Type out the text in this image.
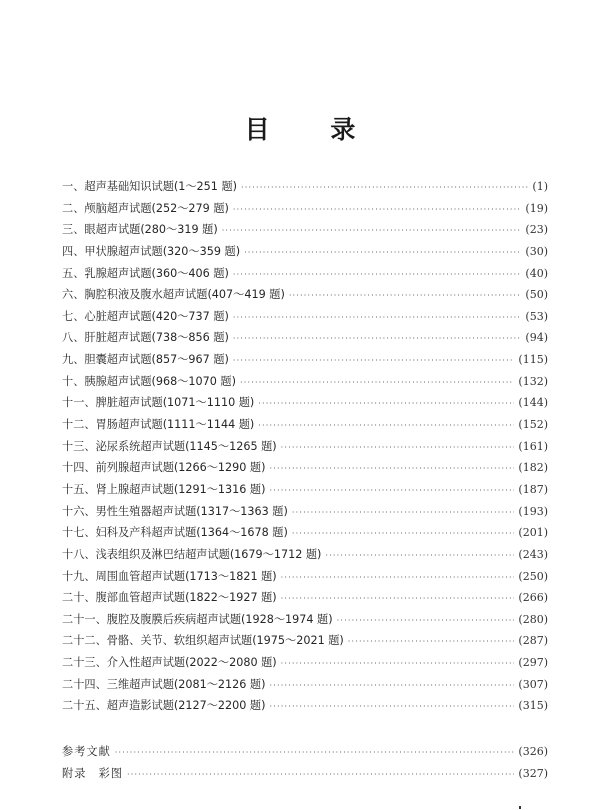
目 录
一、超声基础知识试题(1～251 题) ·····	(1)
二、颅脑超声试题(252～279 题) ·····	(19)
三、眼超声试题(280～319 题) ·····	(23)
四、甲状腺超声试题(320～359 题) ·····	(30)
五、乳腺超声试题(360～406 题) ·····	(40)
六、胸腔积液及腹水超声试题(407～419 题) ·····	(50)
七、心脏超声试题(420～737 题) ·····	(53)
八、肝脏超声试题(738～856 题) ·····	(94)
九、胆囊超声试题(857～967 题) ·····	(115)
十、胰腺超声试题(968～1070 题) ·····	(132)
十一、脾脏超声试题(1071～1110 题) ·····	(144)
十二、胃肠超声试题(1111～1144 题) ·····	(152)
十三、泌尿系统超声试题(1145～1265 题) ·····	(161)
十四、前列腺超声试题(1266～1290 题) ·····	(182)
十五、肾上腺超声试题(1291～1316 题) ·····	(187)
十六、男性生殖器超声试题(1317～1363 题) ·····	(193)
十七、妇科及产科超声试题(1364～1678 题) ·····	(201)
十八、浅表组织及淋巴结超声试题(1679～1712 题) ·····	(243)
十九、周围血管超声试题(1713～1821 题) ·····	(250)
二十、腹部血管超声试题(1822～1927 题) ·····	(266)
二十一、腹腔及腹膜后疾病超声试题(1928～1974 题) ·····	(280)
二十二、骨骼、关节、软组织超声试题(1975～2021 题) ·····	(287)
二十三、介入性超声试题(2022～2080 题) ·····	(297)
二十四、三维超声试题(2081～2126 题) ·····	(307)
二十五、超声造影试题(2127～2200 题) ·····	(315)
参考文献 ·····	(326)
附录　彩图 ·····	(327)
